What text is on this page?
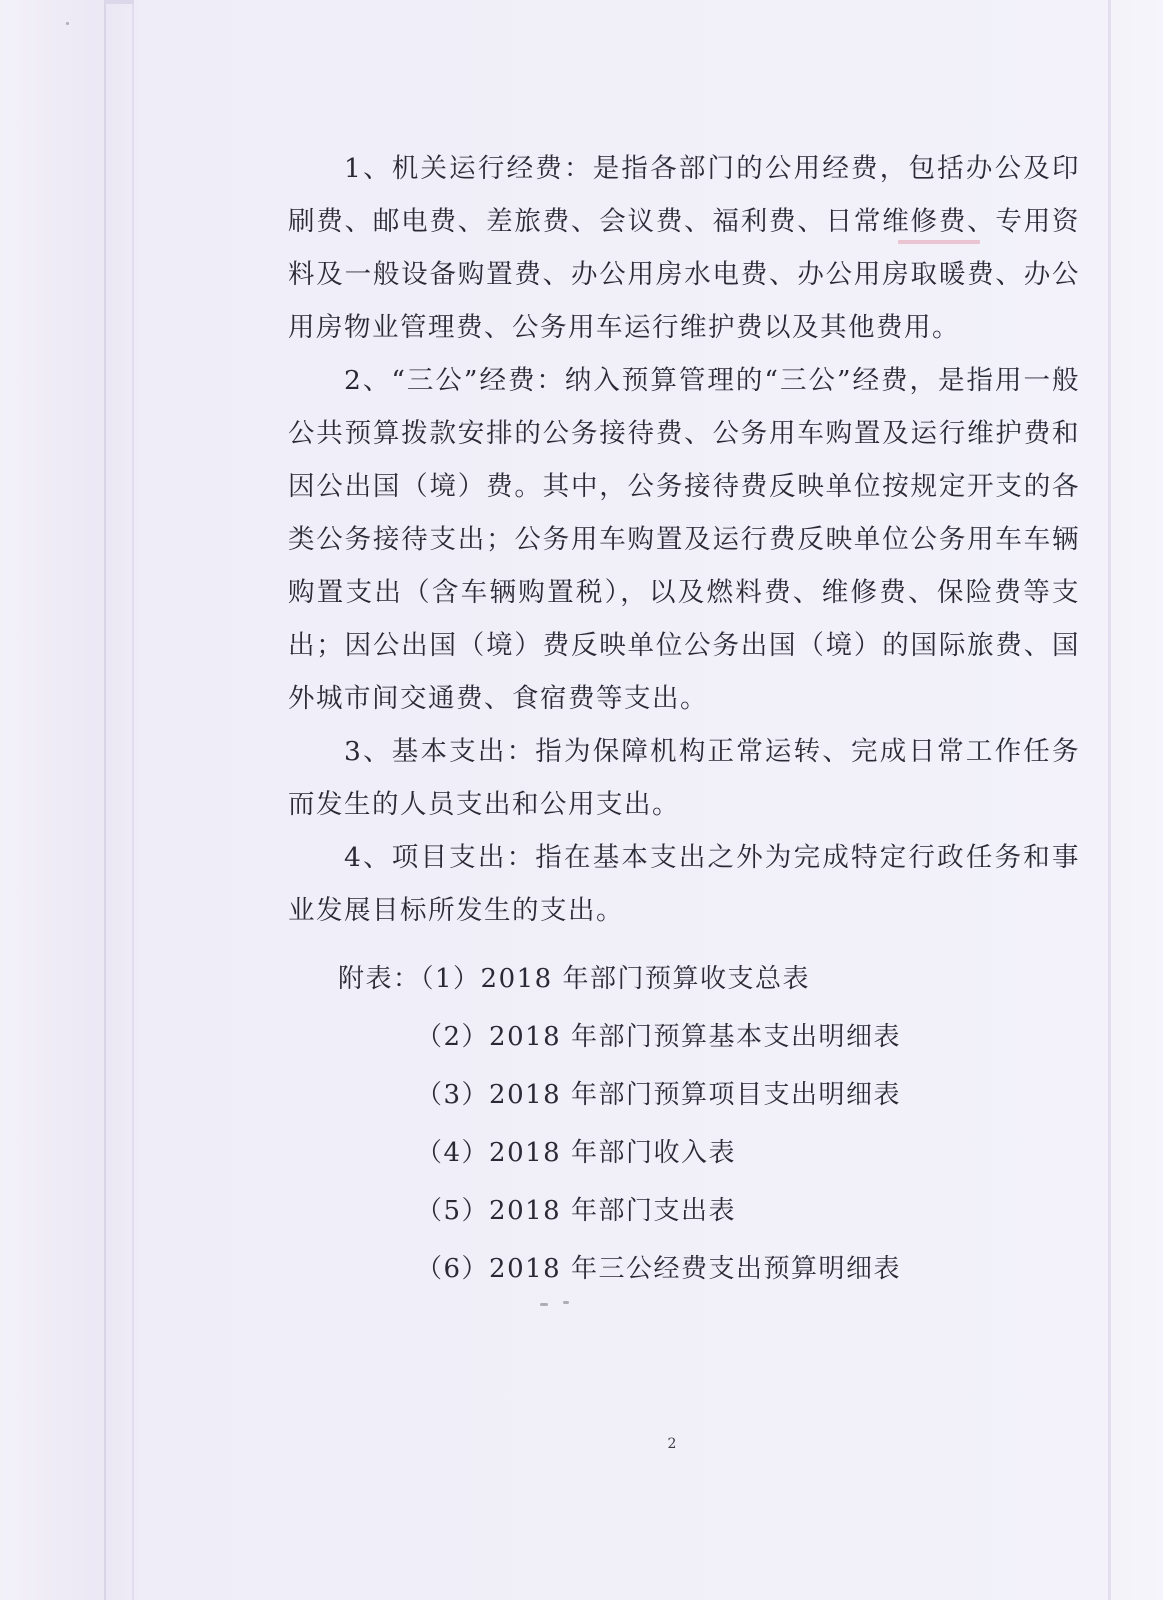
1、机关运行经费：是指各部门的公用经费，包括办公及印刷费、邮电费、差旅费、会议费、福利费、日常维修费、专用资料及一般设备购置费、办公用房水电费、办公用房取暖费、办公用房物业管理费、公务用车运行维护费以及其他费用。

2、“三公”经费：纳入预算管理的“三公”经费，是指用一般公共预算拨款安排的公务接待费、公务用车购置及运行维护费和因公出国（境）费。其中，公务接待费反映单位按规定开支的各类公务接待支出；公务用车购置及运行费反映单位公务用车车辆购置支出（含车辆购置税），以及燃料费、维修费、保险费等支出；因公出国（境）费反映单位公务出国（境）的国际旅费、国外城市间交通费、食宿费等支出。

3、基本支出：指为保障机构正常运转、完成日常工作任务而发生的人员支出和公用支出。

4、项目支出：指在基本支出之外为完成特定行政任务和事业发展目标所发生的支出。

附表：（1）2018 年部门预算收支总表
（2）2018 年部门预算基本支出明细表
（3）2018 年部门预算项目支出明细表
（4）2018 年部门收入表
（5）2018 年部门支出表
（6）2018 年三公经费支出预算明细表
2
